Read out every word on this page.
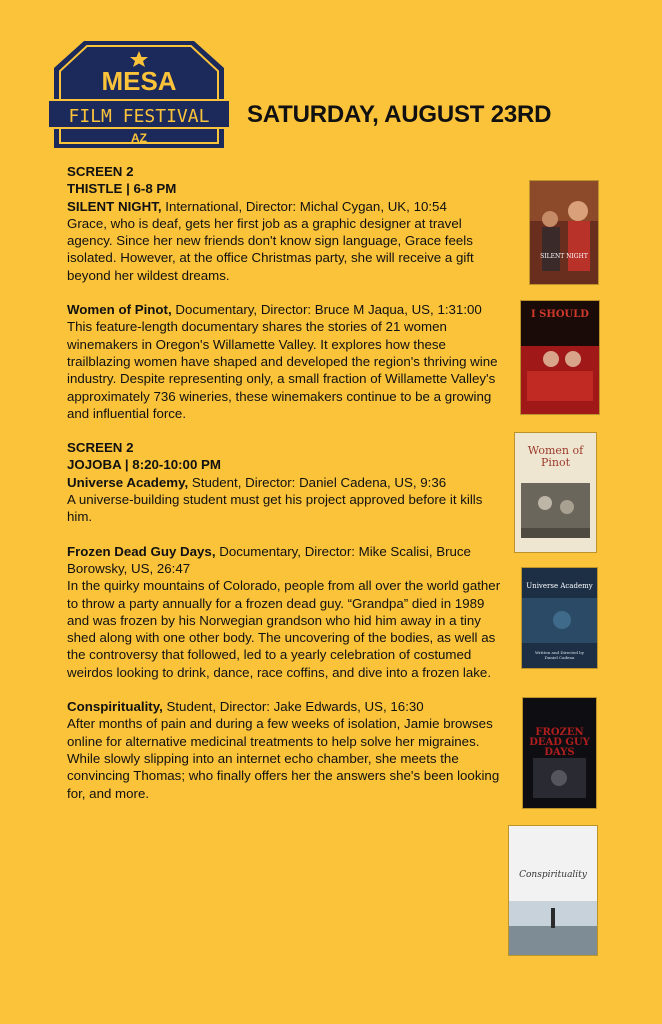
MESA
FILM FESTIVAL
AZ
SATURDAY, AUGUST 23RD
SCREEN 2
THISTLE | 6-8 PM
SILENT NIGHT, International, Director: Michal Cygan, UK, 10:54
Grace, who is deaf, gets her first job as a graphic designer at travel agency. Since her new friends don't know sign language, Grace feels isolated. However, at the office Christmas party, she will receive a gift beyond her wildest dreams.
Women of Pinot, Documentary, Director: Bruce M Jaqua, US, 1:31:00
This feature-length documentary shares the stories of 21 women winemakers in Oregon's Willamette Valley. It explores how these trailblazing women have shaped and developed the region's thriving wine industry. Despite representing only, a small fraction of Willamette Valley's approximately 736 wineries, these winemakers continue to be a growing and influential force.
SCREEN 2
JOJOBA | 8:20-10:00 PM
Universe Academy, Student, Director: Daniel Cadena, US, 9:36
A universe-building student must get his project approved before it kills him.
Frozen Dead Guy Days, Documentary, Director: Mike Scalisi, Bruce Borowsky, US, 26:47
In the quirky mountains of Colorado, people from all over the world gather to throw a party annually for a frozen dead guy. “Grandpa” died in 1989 and was frozen by his Norwegian grandson who hid him away in a tiny shed along with one other body. The uncovering of the bodies, as well as the controversy that followed, led to a yearly celebration of costumed weirdos looking to drink, dance, race coffins, and dive into a frozen lake.
Conspirituality, Student, Director: Jake Edwards, US, 16:30
After months of pain and during a few weeks of isolation, Jamie browses online for alternative medicinal treatments to help solve her migraines. While slowly slipping into an internet echo chamber, she meets the convincing Thomas; who finally offers her the answers she's been looking for, and more.
SILENT NIGHT
I SHOULD
Women of Pinot
Universe Academy
Written and Directed by Daniel Cadena
FROZEN DEAD GUY DAYS
Conspirituality
